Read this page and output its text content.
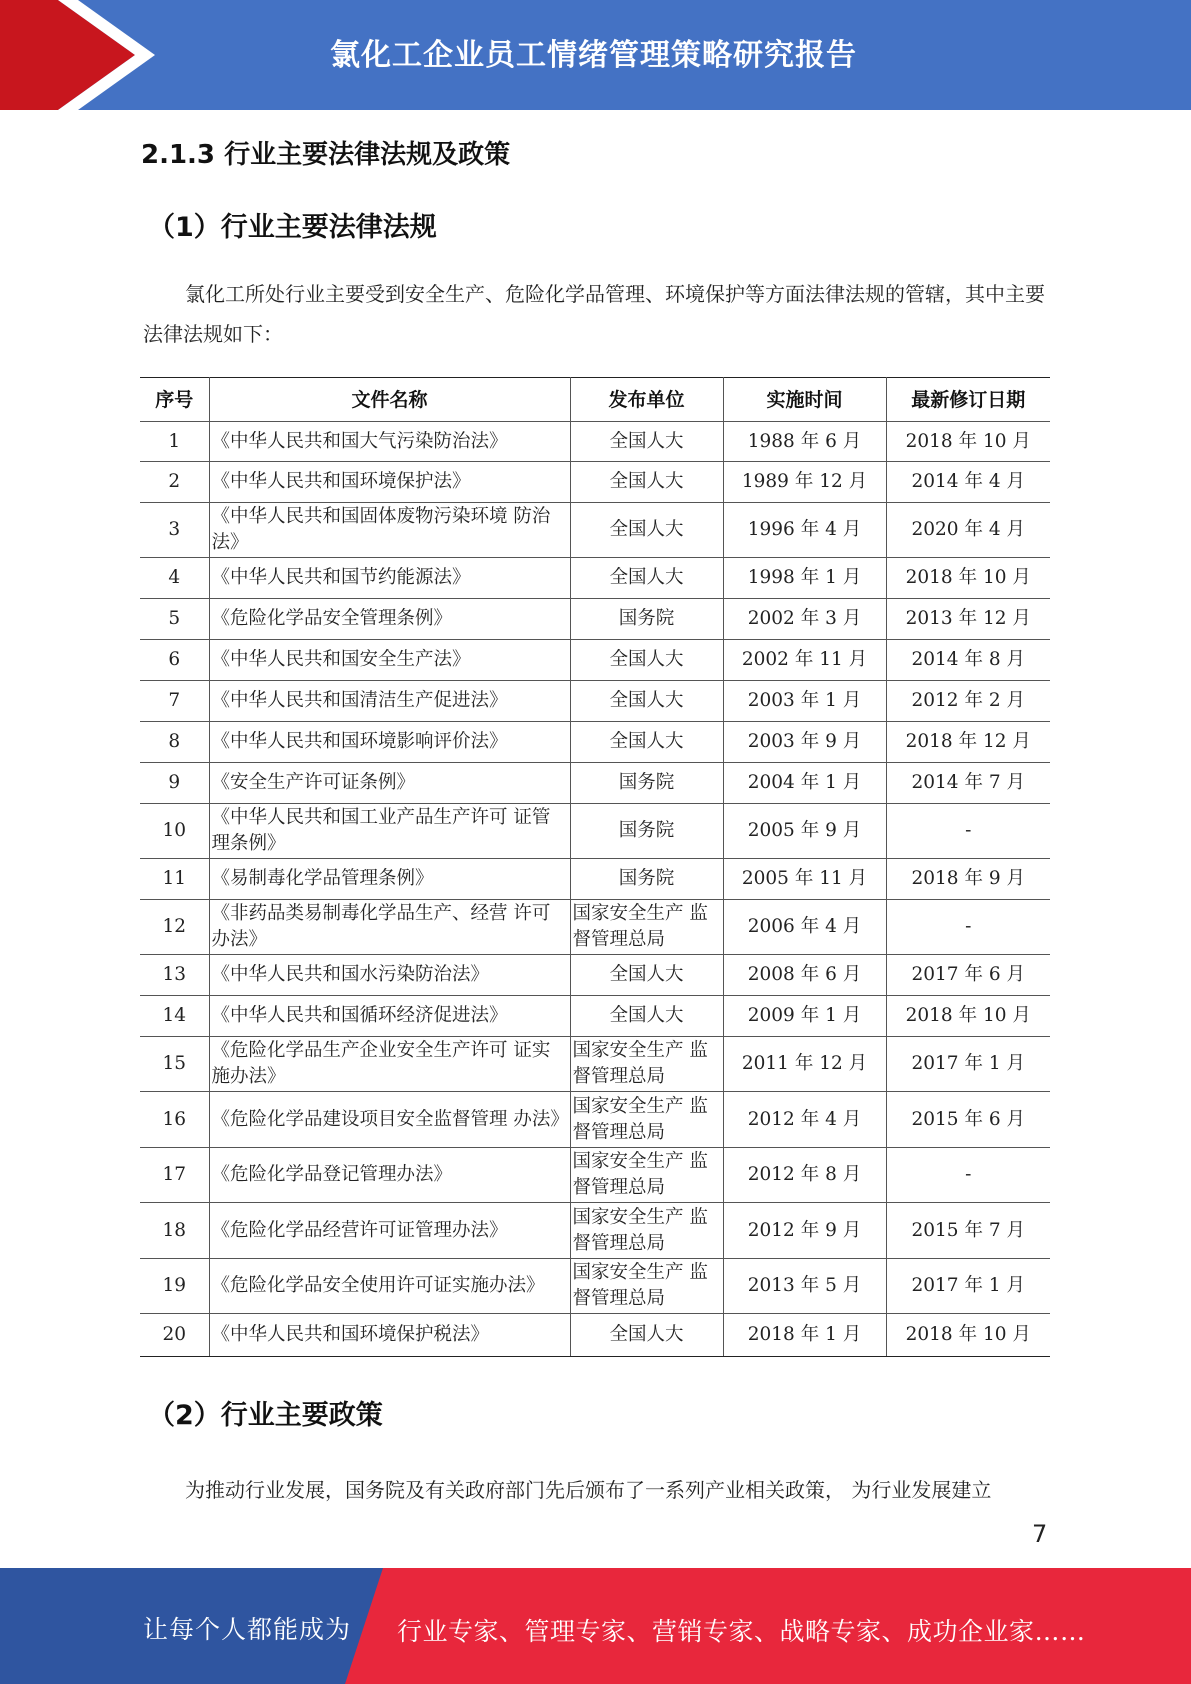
氯化工企业员工情绪管理策略研究报告
2.1.3 行业主要法律法规及政策
（1）行业主要法律法规
氯化工所处行业主要受到安全生产、危险化学品管理、环境保护等方面法律法规的管辖，其中主要法律法规如下：
序号	文件名称	发布单位	实施时间	最新修订日期
1	《中华人民共和国大气污染防治法》	全国人大	1988 年 6 月	2018 年 10 月
2	《中华人民共和国环境保护法》	全国人大	1989 年 12 月	2014 年 4 月
3	《中华人民共和国固体废物污染环境 防治法》	全国人大	1996 年 4 月	2020 年 4 月
4	《中华人民共和国节约能源法》	全国人大	1998 年 1 月	2018 年 10 月
5	《危险化学品安全管理条例》	国务院	2002 年 3 月	2013 年 12 月
6	《中华人民共和国安全生产法》	全国人大	2002 年 11 月	2014 年 8 月
7	《中华人民共和国清洁生产促进法》	全国人大	2003 年 1 月	2012 年 2 月
8	《中华人民共和国环境影响评价法》	全国人大	2003 年 9 月	2018 年 12 月
9	《安全生产许可证条例》	国务院	2004 年 1 月	2014 年 7 月
10	《中华人民共和国工业产品生产许可 证管理条例》	国务院	2005 年 9 月	-
11	《易制毒化学品管理条例》	国务院	2005 年 11 月	2018 年 9 月
12	《非药品类易制毒化学品生产、经营 许可办法》	国家安全生产 监督管理总局	2006 年 4 月	-
13	《中华人民共和国水污染防治法》	全国人大	2008 年 6 月	2017 年 6 月
14	《中华人民共和国循环经济促进法》	全国人大	2009 年 1 月	2018 年 10 月
15	《危险化学品生产企业安全生产许可 证实施办法》	国家安全生产 监督管理总局	2011 年 12 月	2017 年 1 月
16	《危险化学品建设项目安全监督管理 办法》	国家安全生产 监督管理总局	2012 年 4 月	2015 年 6 月
17	《危险化学品登记管理办法》	国家安全生产 监督管理总局	2012 年 8 月	-
18	《危险化学品经营许可证管理办法》	国家安全生产 监督管理总局	2012 年 9 月	2015 年 7 月
19	《危险化学品安全使用许可证实施办法》	国家安全生产 监督管理总局	2013 年 5 月	2017 年 1 月
20	《中华人民共和国环境保护税法》	全国人大	2018 年 1 月	2018 年 10 月
（2）行业主要政策
为推动行业发展，国务院及有关政府部门先后颁布了一系列产业相关政策， 为行业发展建立
7
让每个人都能成为 行业专家、管理专家、营销专家、战略专家、成功企业家……
